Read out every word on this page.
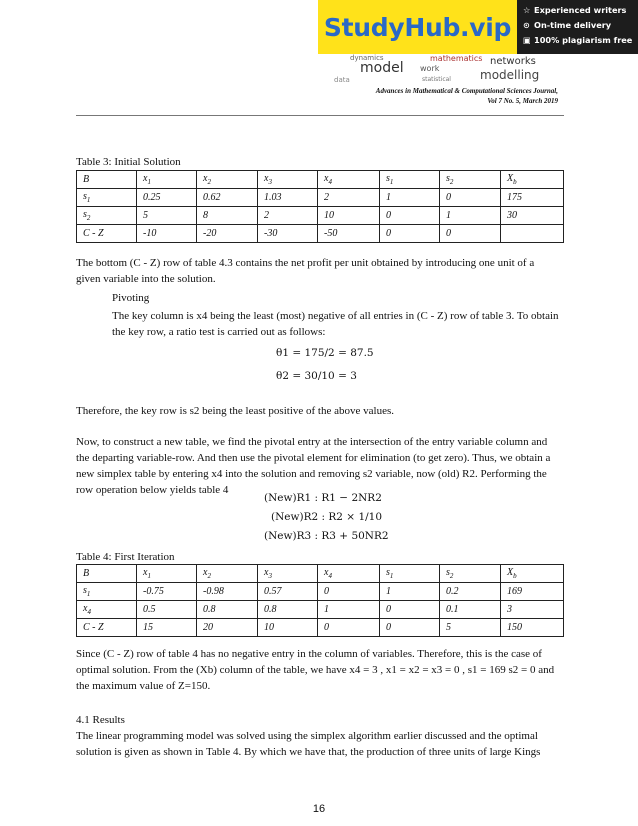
StudyHub.vip
☆ Experienced writers
⊙ On-time delivery
▣ 100% plagiarism free
mathematics
model
dynamics	networks
modelling
work
statistical
data
Advances in Mathematical & Computational Sciences Journal,
Vol 7 No. 5, March 2019
Table 3: Initial Solution
B	$x_1$	$x_2$	$x_3$	$x_4$	$s_1$	$s_2$	$X_b$
$s_1$	0.25	0.62	1.03	2	1	0	175
$s_2$	5	8	2	10	0	1	30
C - Z	-10	-20	-30	-50	0	0	
The bottom (C - Z) row of table 4.3 contains the net profit per unit obtained by introducing one unit of a
given variable into the solution.
Pivoting
The key column is x4 being the least (most) negative of all entries in (C - Z) row of table 3. To obtain
the key row, a ratio test is carried out as follows:
θ1 = 175/2 = 87.5
θ2 = 30/10 = 3
Therefore, the key row is s2 being the least positive of the above values.
Now, to construct a new table, we find the pivotal entry at the intersection of the entry variable column and
the departing variable-row. And then use the pivotal element for elimination (to get zero). Thus, we obtain a
new simplex table by entering x4 into the solution and removing s2 variable, now (old) R2. Performing the
row operation below yields table 4
(New)R1 : R1 − 2NR2
(New)R2 : R2 × 1/10
(New)R3 : R3 + 50NR2
Table 4: First Iteration
B	$x_1$	$x_2$	$x_3$	$x_4$	$s_1$	$s_2$	$X_b$
$s_1$	-0.75	-0.98	0.57	0	1	0.2	169
$x_4$	0.5	0.8	0.8	1	0	0.1	3
C - Z	15	20	10	0	0	5	150
Since (C - Z) row of table 4 has no negative entry in the column of variables. Therefore, this is the case of
optimal solution. From the (Xb) column of the table, we have x4 = 3 , x1 = x2 = x3 = 0 , s1 = 169 s2 = 0 and
the maximum value of Z=150.
4.1 Results
The linear programming model was solved using the simplex algorithm earlier discussed and the optimal
solution is given as shown in Table 4. By which we have that, the production of three units of large Kings
16
